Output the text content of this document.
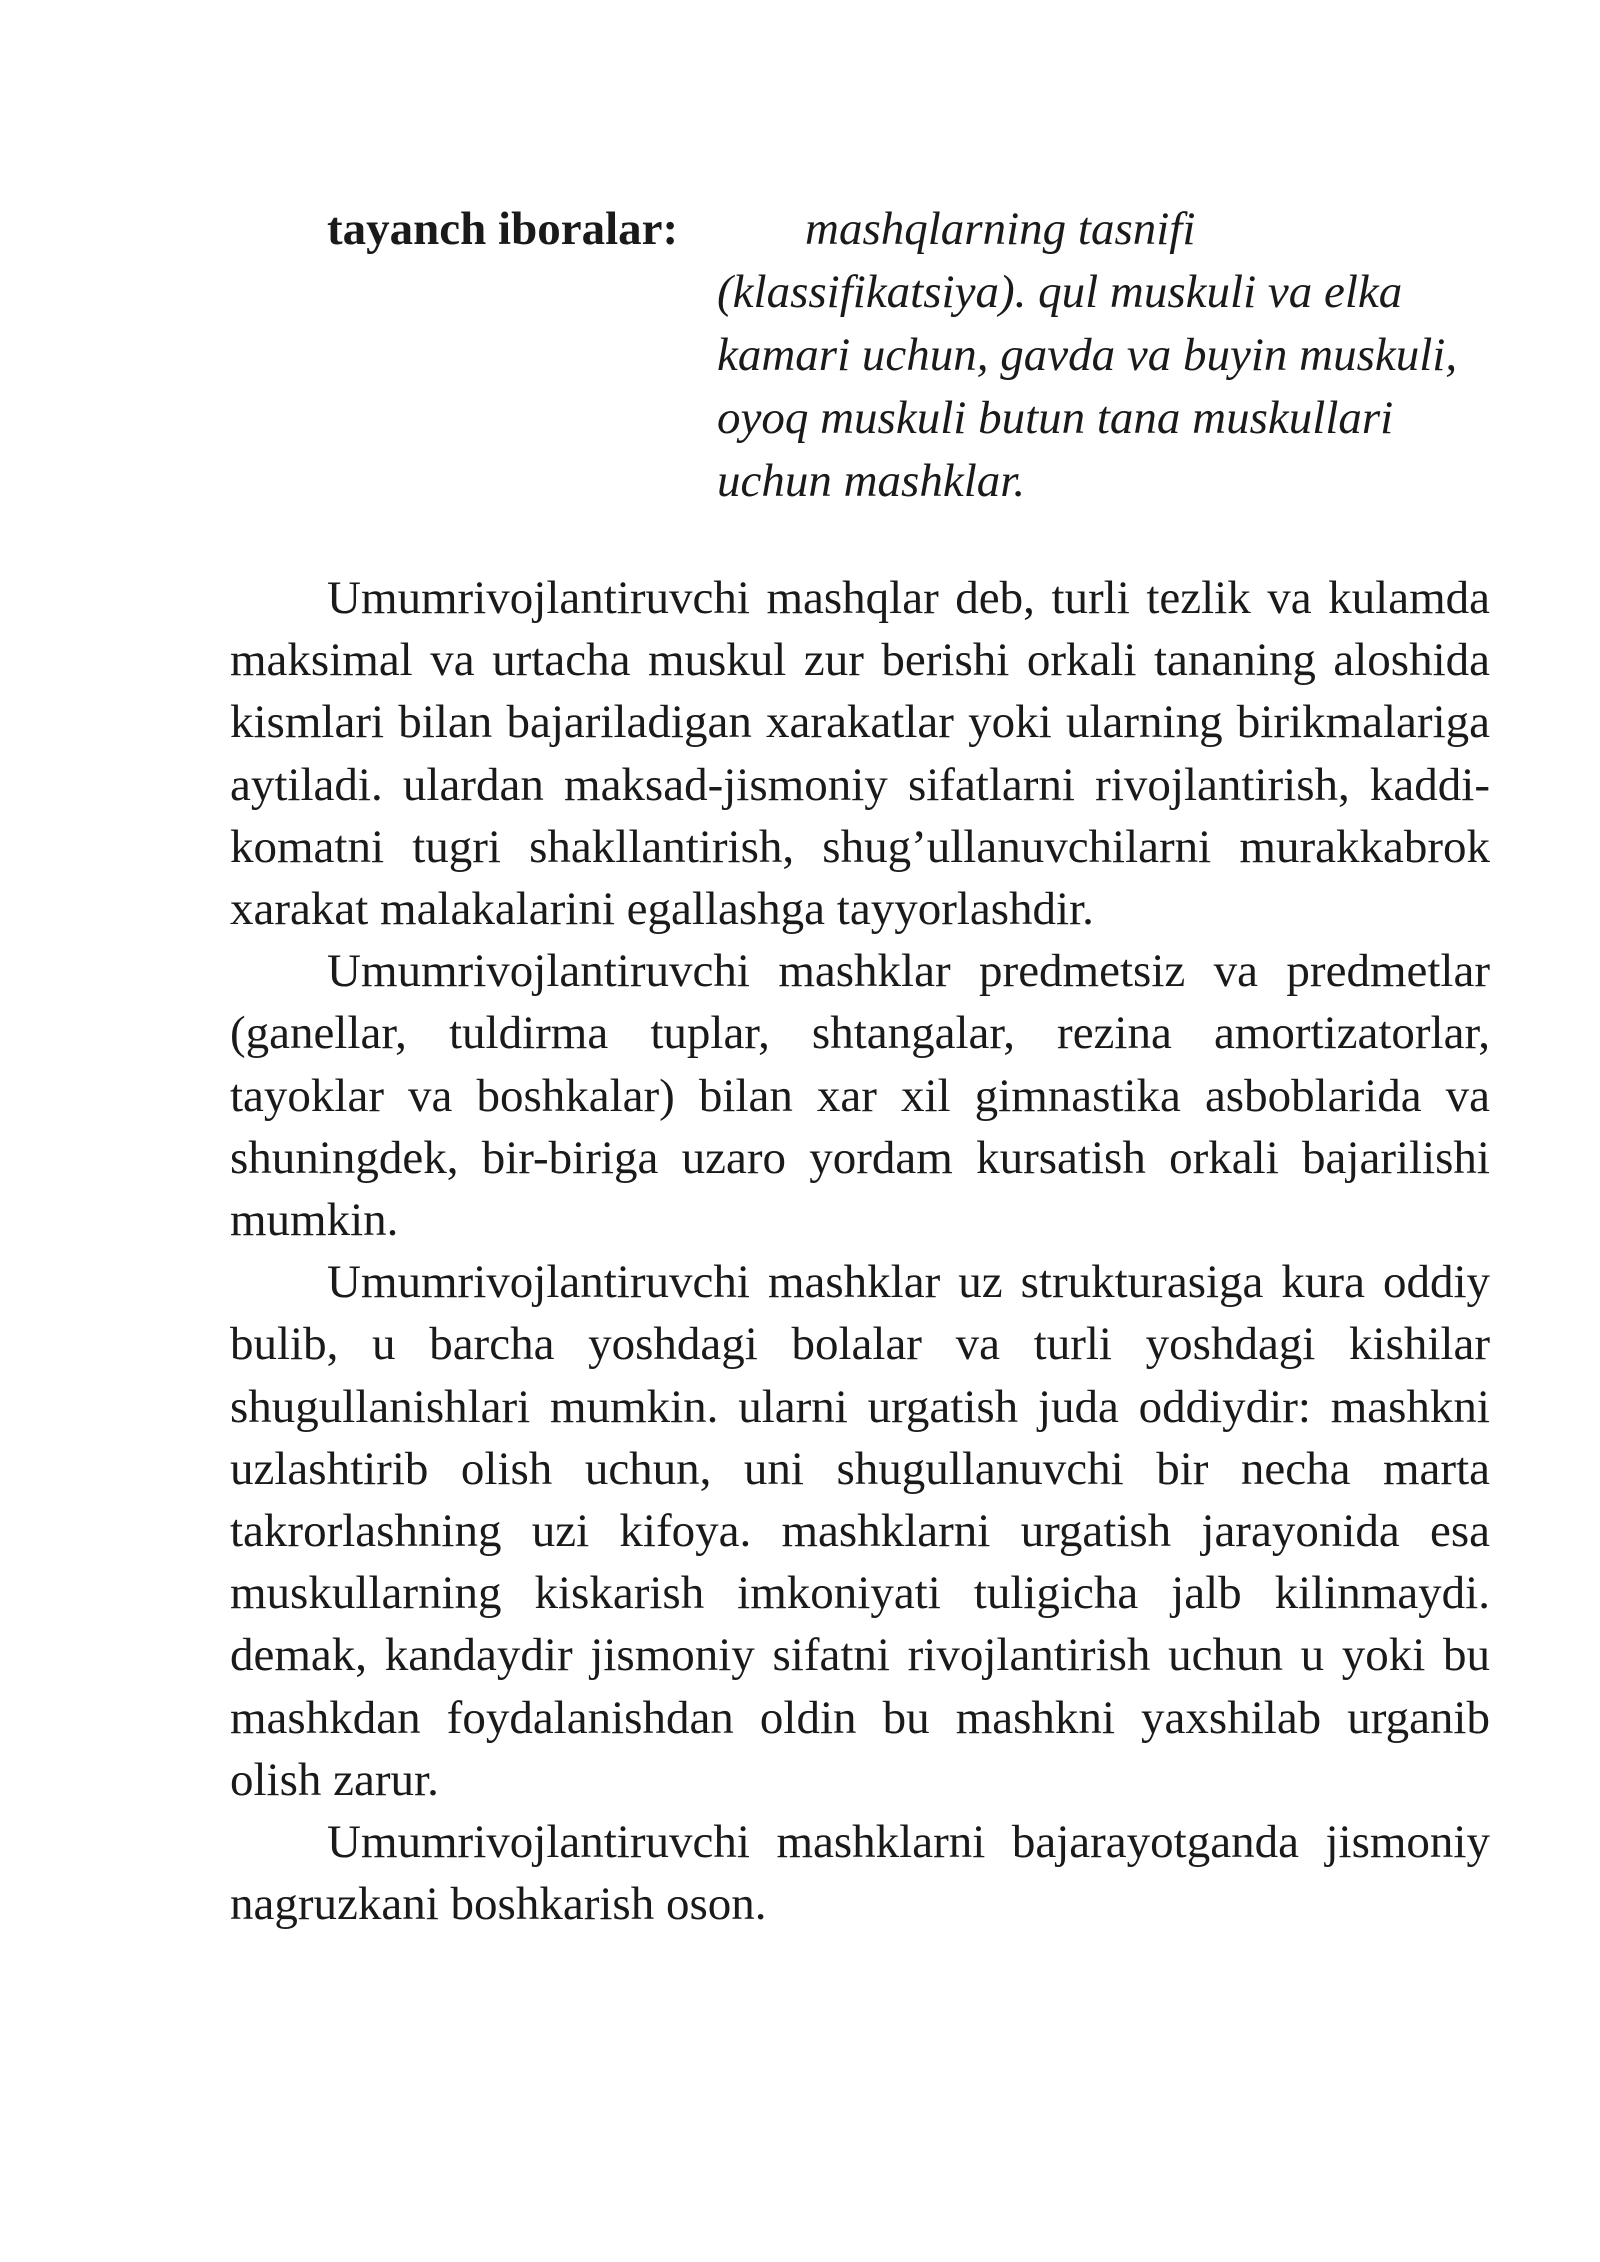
tayanch iboralar:	mashqlarning tasnifi (klassifikatsiya). qul muskuli va elka kamari uchun, gavda va buyin muskuli, oyoq muskuli butun tana muskullari uchun mashklar.

Umumrivojlantiruvchi mashqlar deb, turli tezlik va kulamda maksimal va urtacha muskul zur berishi orkali tananing aloshida kismlari bilan bajariladigan xarakatlar yoki ularning birikmalariga aytiladi. ulardan maksad-jismoniy sifatlarni rivojlantirish, kaddi-komatni tugri shakllantirish, shug’ullanuvchilarni murakkabrok xarakat malakalarini egallashga tayyorlashdir.

Umumrivojlantiruvchi mashklar predmetsiz va predmetlar (ganellar, tuldirma tuplar, shtangalar, rezina amortizatorlar, tayoklar va boshkalar) bilan xar xil gimnastika asboblarida va shuningdek, bir-biriga uzaro yordam kursatish orkali bajarilishi mumkin.

Umumrivojlantiruvchi mashklar uz strukturasiga kura oddiy bulib, u barcha yoshdagi bolalar va turli yoshdagi kishilar shugullanishlari mumkin. ularni urgatish juda oddiydir: mashkni uzlashtirib olish uchun, uni shugullanuvchi bir necha marta takrorlashning uzi kifoya. mashklarni urgatish jarayonida esa muskullarning kiskarish imkoniyati tuligicha jalb kilinmaydi. demak, kandaydir jismoniy sifatni rivojlantirish uchun u yoki bu mashkdan foydalanishdan oldin bu mashkni yaxshilab urganib olish zarur.

Umumrivojlantiruvchi mashklarni bajarayotganda jismoniy nagruzkani boshkarish oson.
